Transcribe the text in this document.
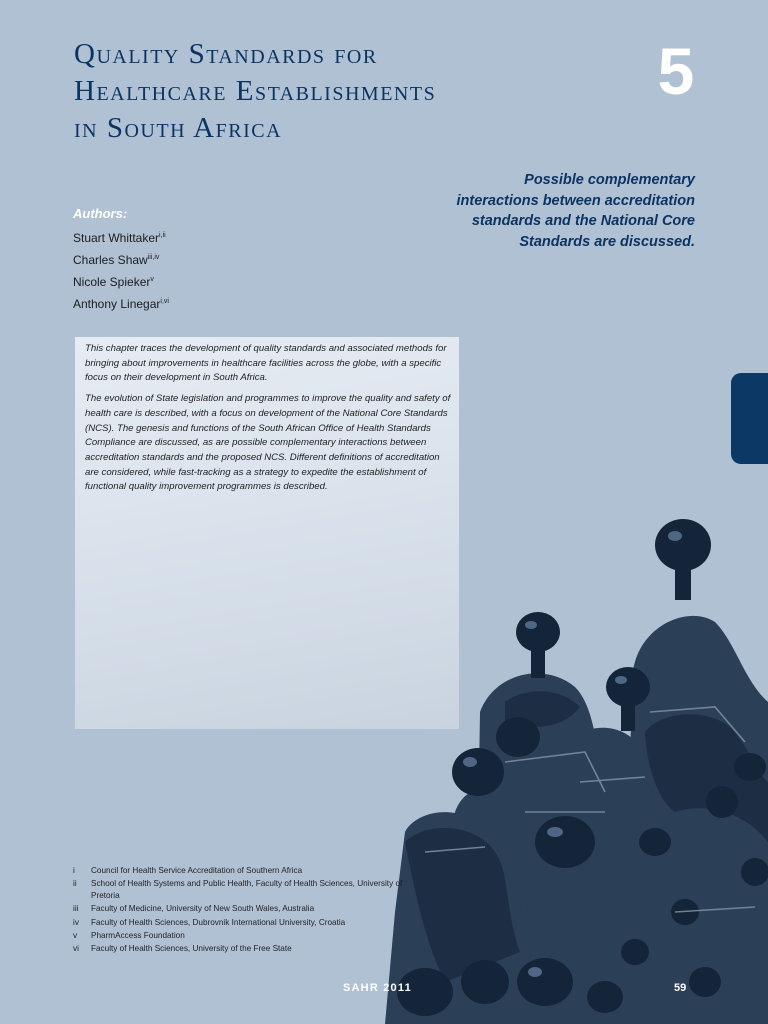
Quality Standards for
Healthcare Establishments
in South Africa
5
Possible complementary interactions between accreditation standards and the National Core Standards are discussed.
Authors:
Stuart Whittaker$^{i,ii}$
Charles Shaw$^{iii,iv}$
Nicole Spieker$^v$
Anthony Linegar$^{i,vi}$

This chapter traces the development of quality standards and associated methods for bringing about improvements in healthcare facilities across the globe, with a specific focus on their development in South Africa.

The evolution of State legislation and programmes to improve the quality and safety of health care is described, with a focus on development of the National Core Standards (NCS). The genesis and functions of the South African Office of Health Standards Compliance are discussed, as are possible complementary interactions between accreditation standards and the proposed NCS. Different definitions of accreditation are considered, while fast-tracking as a strategy to expedite the establishment of functional quality improvement programmes is described.

i	Council for Health Service Accreditation of Southern Africa
ii	School of Health Systems and Public Health, Faculty of Health Sciences, University of Pretoria
iii	Faculty of Medicine, University of New South Wales, Australia
iv	Faculty of Health Sciences, Dubrovnik International University, Croatia
v	PharmAccess Foundation
vi	Faculty of Health Sciences, University of the Free State
SAHR 2011	59
